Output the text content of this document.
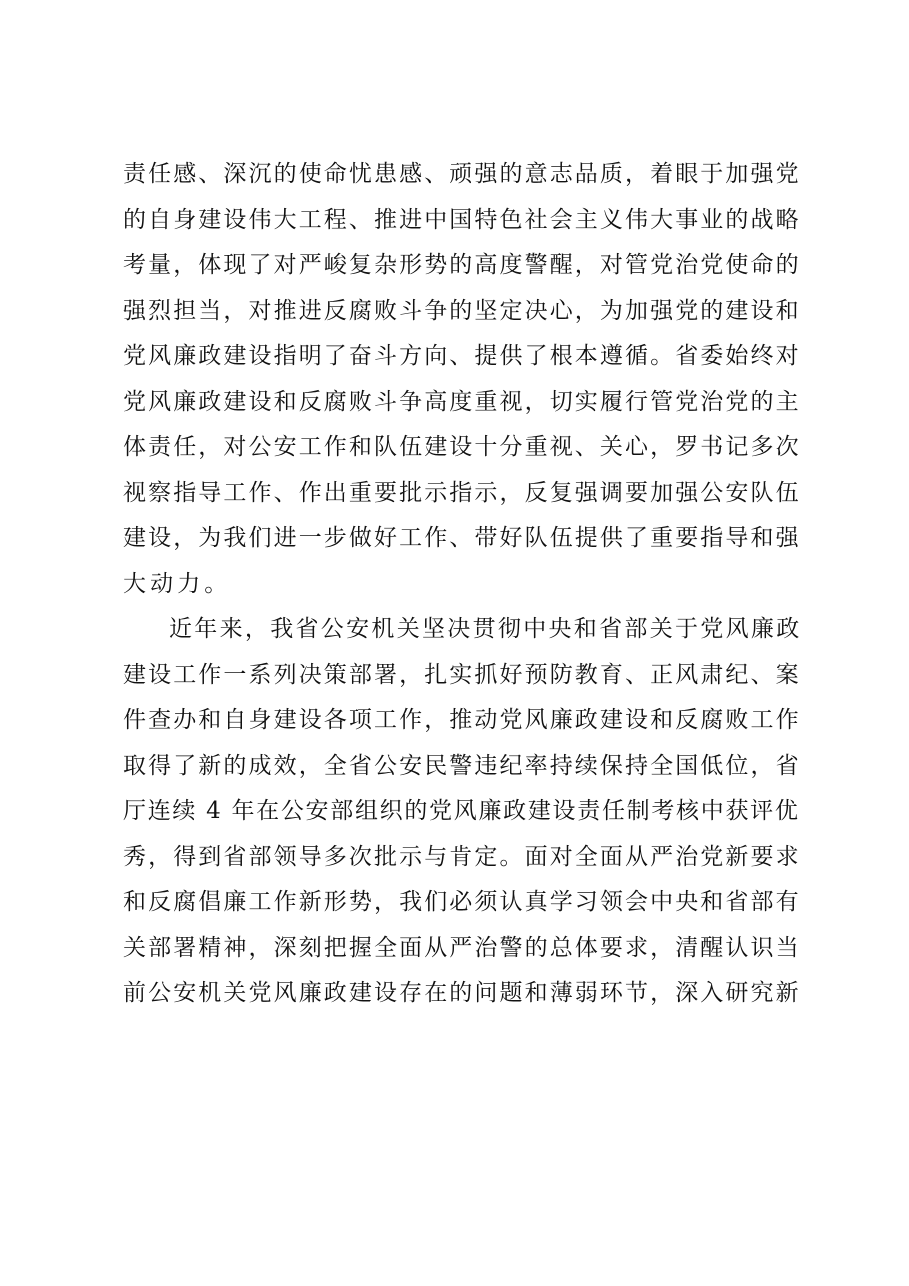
责任感、深沉的使命忧患感、顽强的意志品质，着眼于加强党
的自身建设伟大工程、推进中国特色社会主义伟大事业的战略
考量，体现了对严峻复杂形势的高度警醒，对管党治党使命的
强烈担当，对推进反腐败斗争的坚定决心，为加强党的建设和
党风廉政建设指明了奋斗方向、提供了根本遵循。省委始终对
党风廉政建设和反腐败斗争高度重视，切实履行管党治党的主
体责任，对公安工作和队伍建设十分重视、关心，罗书记多次
视察指导工作、作出重要批示指示，反复强调要加强公安队伍
建设，为我们进一步做好工作、带好队伍提供了重要指导和强
大动力。

近年来，我省公安机关坚决贯彻中央和省部关于党风廉政
建设工作一系列决策部署，扎实抓好预防教育、正风肃纪、案
件查办和自身建设各项工作，推动党风廉政建设和反腐败工作
取得了新的成效，全省公安民警违纪率持续保持全国低位，省
厅连续 4 年在公安部组织的党风廉政建设责任制考核中获评优
秀，得到省部领导多次批示与肯定。面对全面从严治党新要求
和反腐倡廉工作新形势，我们必须认真学习领会中央和省部有
关部署精神，深刻把握全面从严治警的总体要求，清醒认识当
前公安机关党风廉政建设存在的问题和薄弱环节，深入研究新
